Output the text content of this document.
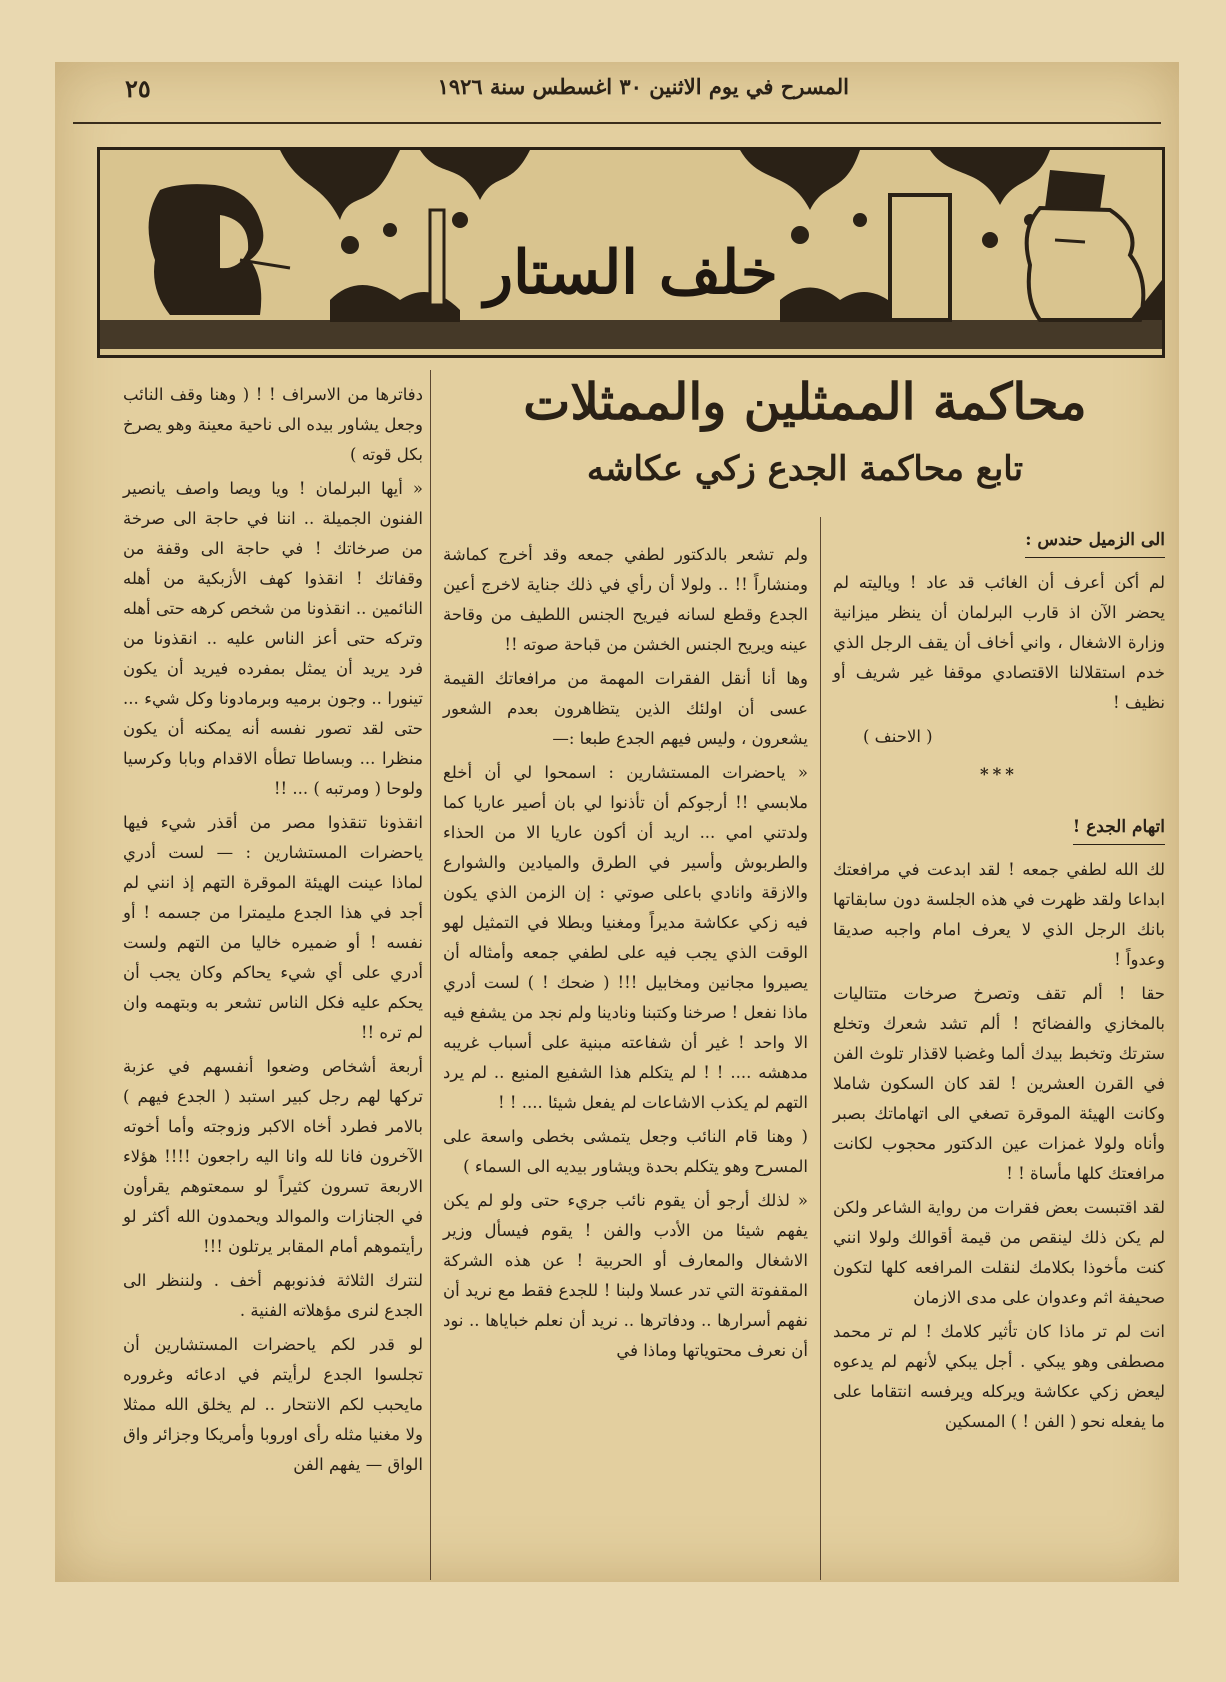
المسرح في يوم الاثنين ٣٠ اغسطس سنة ١٩٢٦
٢٥
خلف الستار
محاكمة الممثلين والممثلات
تابع محاكمة الجدع زكي عكاشه
الى الزميل حندس :

لم أكن أعرف أن الغائب قد عاد ! وياليته لم يحضر الآن اذ قارب البرلمان أن ينظر ميزانية وزارة الاشغال ، واني أخاف أن يقف الرجل الذي خدم استقلالنا الاقتصادي موقفا غير شريف أو نظيف !

( الاحنف )
***
اتهام الجدع !

لك الله لطفي جمعه ! لقد ابدعت في مرافعتك ابداعا ولقد ظهرت في هذه الجلسة دون سابقاتها بانك الرجل الذي لا يعرف امام واجبه صديقا وعدواً !

حقا ! ألم تقف وتصرخ صرخات متتاليات بالمخازي والفضائح ! ألم تشد شعرك وتخلع سترتك وتخبط بيدك ألما وغضبا لاقذار تلوث الفن في القرن العشرين ! لقد كان السكون شاملا وكانت الهيئة الموقرة تصغي الى اتهاماتك بصبر وأناه ولولا غمزات عين الدكتور محجوب لكانت مرافعتك كلها مأساة ! !

لقد اقتبست بعض فقرات من رواية الشاعر ولكن لم يكن ذلك لينقص من قيمة أقوالك ولولا انني كنت مأخوذا بكلامك لنقلت المرافعه كلها لتكون صحيفة اثم وعدوان على مدى الازمان

انت لم تر ماذا كان تأثير كلامك ! لم تر محمد مصطفى وهو يبكي . أجل يبكي لأنهم لم يدعوه ليعض زكي عكاشة ويركله ويرفسه انتقاما على ما يفعله نحو ( الفن ! ) المسكين

ولم تشعر بالدكتور لطفي جمعه وقد أخرج كماشة ومنشاراً !! .. ولولا أن رأي في ذلك جناية لاخرج أعين الجدع وقطع لسانه فيريح الجنس اللطيف من وقاحة عينه ويريح الجنس الخشن من قباحة صوته !!

وها أنا أنقل الفقرات المهمة من مرافعاتك القيمة عسى أن اولئك الذين يتظاهرون بعدم الشعور يشعرون ، وليس فيهم الجدع طبعا :—

« ياحضرات المستشارين : اسمحوا لي أن أخلع ملابسي !! أرجوكم أن تأذنوا لي بان أصير عاريا كما ولدتني امي ... اريد أن أكون عاريا الا من الحذاء والطربوش وأسير في الطرق والميادين والشوارع والازقة وانادي باعلى صوتي : إن الزمن الذي يكون فيه زكي عكاشة مديراً ومغنيا وبطلا في التمثيل لهو الوقت الذي يجب فيه على لطفي جمعه وأمثاله أن يصيروا مجانين ومخابيل !!! ( ضحك ! ) لست أدري ماذا نفعل ! صرخنا وكتبنا ونادينا ولم نجد من يشفع فيه الا واحد ! غير أن شفاعته مبنية على أسباب غريبه مدهشه .... ! ! لم يتكلم هذا الشفيع المنيع .. لم يرد التهم لم يكذب الاشاعات لم يفعل شيئا .... ! !

( وهنا قام النائب وجعل يتمشى بخطى واسعة على المسرح وهو يتكلم بحدة ويشاور بيديه الى السماء )

« لذلك أرجو أن يقوم نائب جريء حتى ولو لم يكن يفهم شيئا من الأدب والفن ! يقوم فيسأل وزير الاشغال والمعارف أو الحربية ! عن هذه الشركة المقفوتة التي تدر عسلا ولبنا ! للجدع فقط مع نريد أن نفهم أسرارها .. ودفاترها .. نريد أن نعلم خباياها .. نود أن نعرف محتوياتها وماذا في

دفاترها من الاسراف ! ! ( وهنا وقف النائب وجعل يشاور بيده الى ناحية معينة وهو يصرخ بكل قوته )

« أيها البرلمان ! ويا ويصا واصف يانصير الفنون الجميلة .. اننا في حاجة الى صرخة من صرخاتك ! في حاجة الى وقفة من وقفاتك ! انقذوا كهف الأزبكية من أهله النائمين .. انقذونا من شخص كرهه حتى أهله وتركه حتى أعز الناس عليه .. انقذونا من فرد يريد أن يمثل بمفرده فيريد أن يكون تينورا .. وجون برميه وبرمادونا وكل شيء ... حتى لقد تصور نفسه أنه يمكنه أن يكون منظرا ... وبساطا تطأه الاقدام وبابا وكرسيا ولوحا ( ومرتبه ) ... !!

انقذونا تنقذوا مصر من أقذر شيء فيها ياحضرات المستشارين : — لست أدري لماذا عينت الهيئة الموقرة التهم إذ انني لم أجد في هذا الجدع مليمترا من جسمه ! أو نفسه ! أو ضميره خاليا من التهم ولست أدري على أي شيء يحاكم وكان يجب أن يحكم عليه فكل الناس تشعر به وبتهمه وان لم تره !!

أربعة أشخاص وضعوا أنفسهم في عزبة تركها لهم رجل كبير استبد ( الجدع فيهم ) بالامر فطرد أخاه الاكبر وزوجته وأما أخوته الآخرون فانا لله وانا اليه راجعون !!!! هؤلاء الاربعة تسرون كثيراً لو سمعتوهم يقرأون في الجنازات والموالد ويحمدون الله أكثر لو رأيتموهم أمام المقابر يرتلون !!!

لنترك الثلاثة فذنوبهم أخف . ولننظر الى الجدع لنرى مؤهلاته الفنية .

لو قدر لكم ياحضرات المستشارين أن تجلسوا الجدع لرأيتم في ادعائه وغروره مايحبب لكم الانتحار .. لم يخلق الله ممثلا ولا مغنيا مثله رأى اوروبا وأمريكا وجزائر واق الواق — يفهم الفن
